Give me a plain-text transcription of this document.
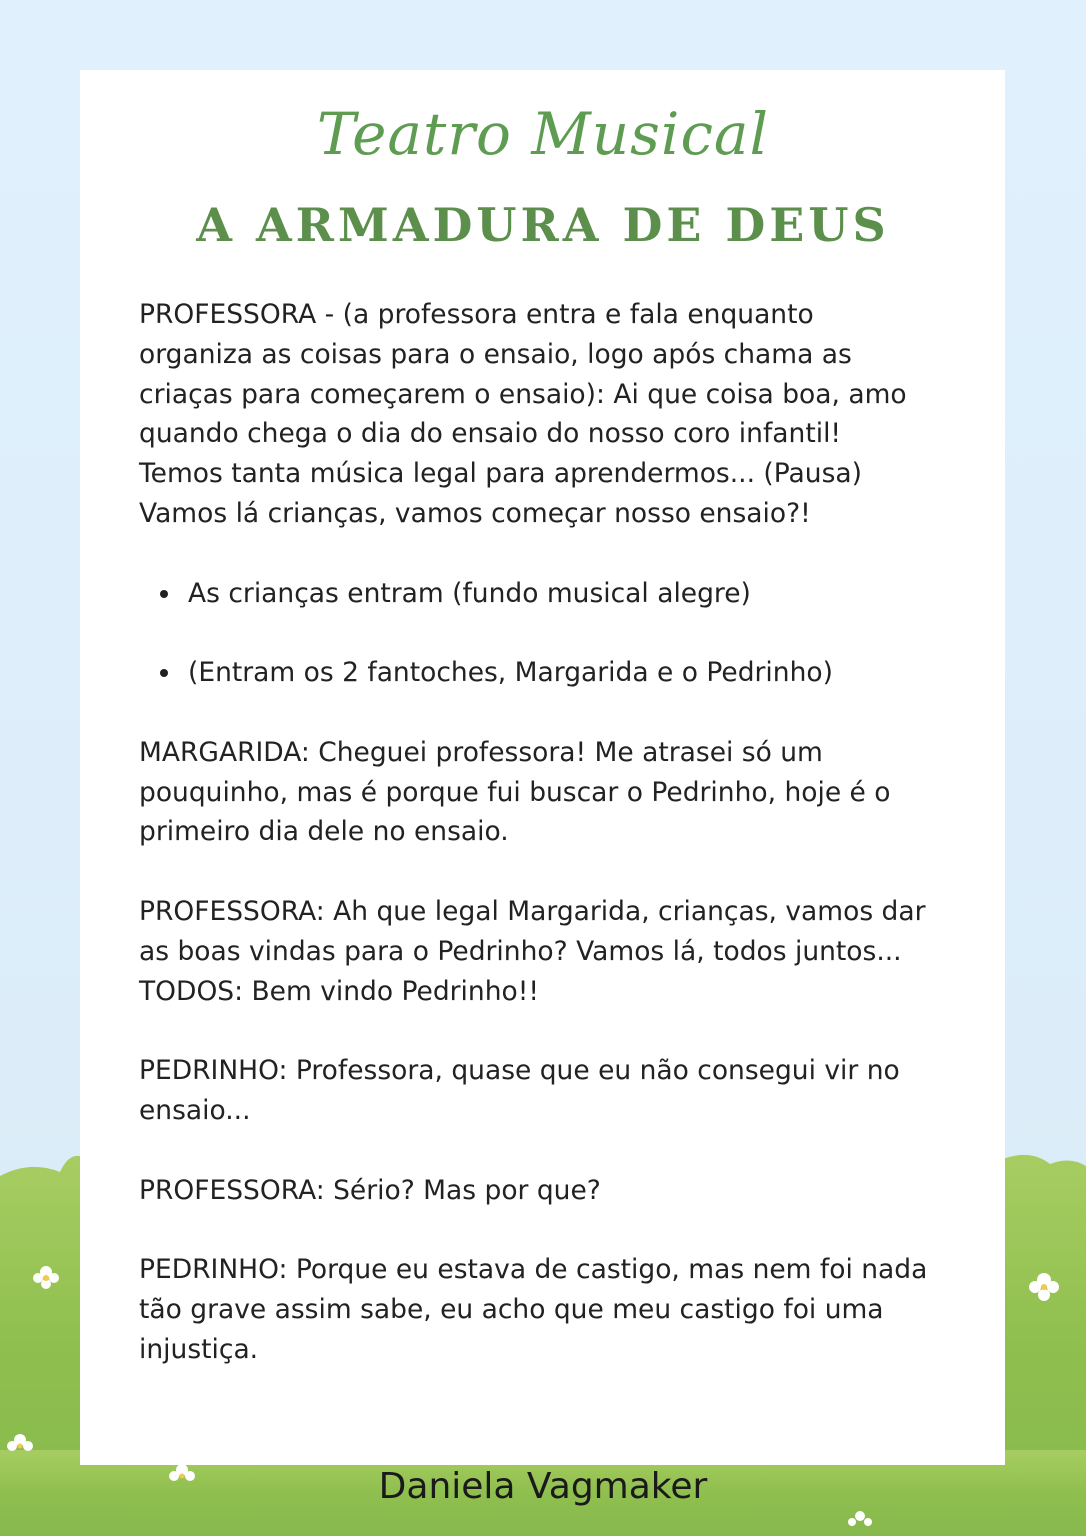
Teatro Musical
A ARMADURA DE DEUS
PROFESSORA - (a professora entra e fala enquanto
organiza as coisas para o ensaio, logo após chama as
criaças para começarem o ensaio): Ai que coisa boa, amo
quando chega o dia do ensaio do nosso coro infantil!
Temos tanta música legal para aprendermos... (Pausa)
Vamos lá crianças, vamos começar nosso ensaio?!
As crianças entram (fundo musical alegre)
(Entram os 2 fantoches, Margarida e o Pedrinho)
MARGARIDA: Cheguei professora! Me atrasei só um
pouquinho, mas é porque fui buscar o Pedrinho, hoje é o
primeiro dia dele no ensaio.
PROFESSORA: Ah que legal Margarida, crianças, vamos dar
as boas vindas para o Pedrinho? Vamos lá, todos juntos...
TODOS: Bem vindo Pedrinho!!
PEDRINHO: Professora, quase que eu não consegui vir no
ensaio...
PROFESSORA: Sério? Mas por que?
PEDRINHO: Porque eu estava de castigo, mas nem foi nada
tão grave assim sabe, eu acho que meu castigo foi uma
injustiça.
Daniela Vagmaker
